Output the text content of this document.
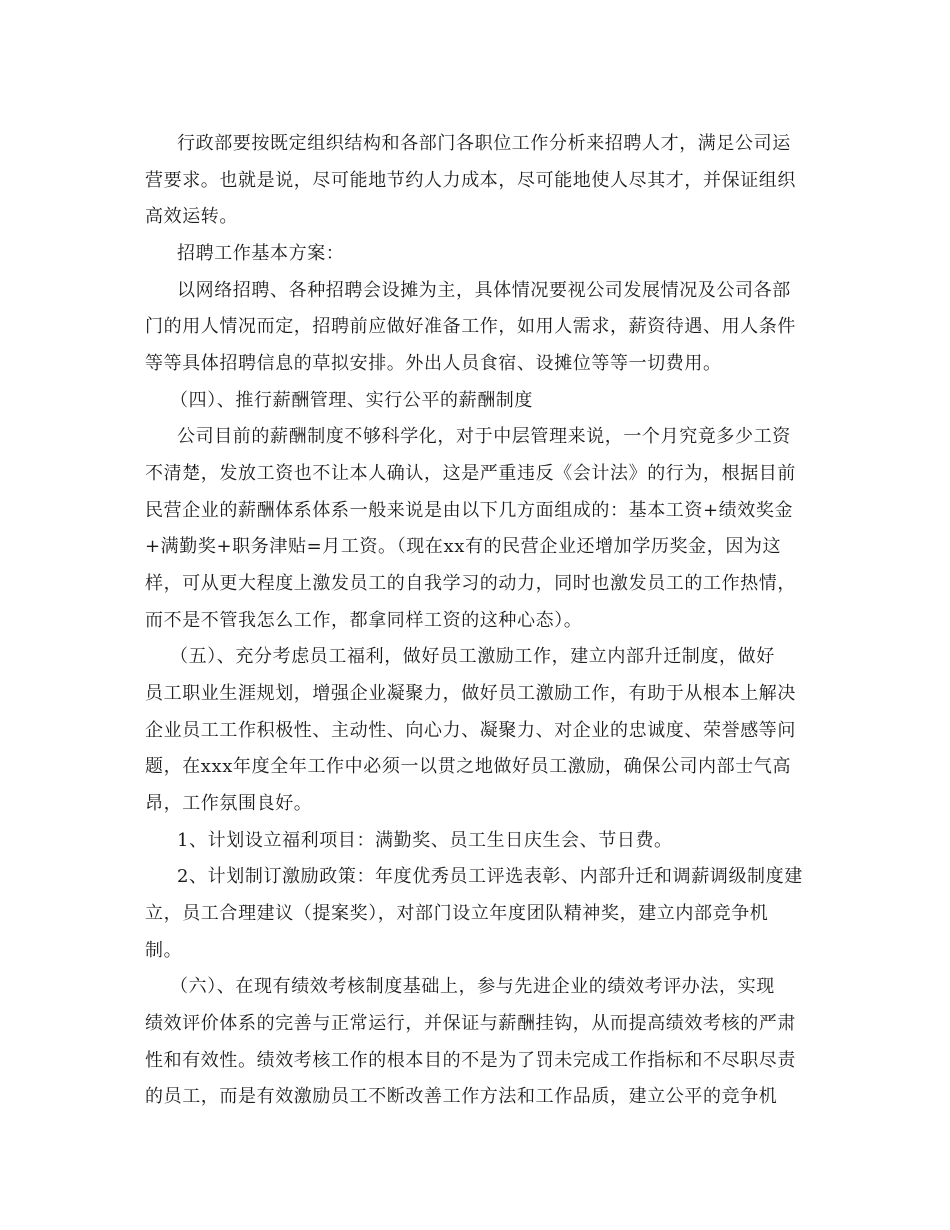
行政部要按既定组织结构和各部门各职位工作分析来招聘人才，满足公司运
营要求。也就是说，尽可能地节约人力成本，尽可能地使人尽其才，并保证组织
高效运转。
招聘工作基本方案：
以网络招聘、各种招聘会设摊为主，具体情况要视公司发展情况及公司各部
门的用人情况而定，招聘前应做好准备工作，如用人需求，薪资待遇、用人条件
等等具体招聘信息的草拟安排。外出人员食宿、设摊位等等一切费用。
（四）、推行薪酬管理、实行公平的薪酬制度
公司目前的薪酬制度不够科学化，对于中层管理来说，一个月究竟多少工资
不清楚，发放工资也不让本人确认，这是严重违反《会计法》的行为，根据目前
民营企业的薪酬体系体系一般来说是由以下几方面组成的：基本工资+绩效奖金
+满勤奖+职务津贴=月工资。（现在xx有的民营企业还增加学历奖金，因为这
样，可从更大程度上激发员工的自我学习的动力，同时也激发员工的工作热情，
而不是不管我怎么工作，都拿同样工资的这种心态）。
（五）、充分考虑员工福利，做好员工激励工作，建立内部升迁制度，做好
员工职业生涯规划，增强企业凝聚力，做好员工激励工作，有助于从根本上解决
企业员工工作积极性、主动性、向心力、凝聚力、对企业的忠诚度、荣誉感等问
题，在xxx年度全年工作中必须一以贯之地做好员工激励，确保公司内部士气高
昂，工作氛围良好。
1、计划设立福利项目：满勤奖、员工生日庆生会、节日费。
2、计划制订激励政策：年度优秀员工评选表彰、内部升迁和调薪调级制度建
立，员工合理建议（提案奖），对部门设立年度团队精神奖，建立内部竞争机
制。
（六）、在现有绩效考核制度基础上，参与先进企业的绩效考评办法，实现
绩效评价体系的完善与正常运行，并保证与薪酬挂钩，从而提高绩效考核的严肃
性和有效性。绩效考核工作的根本目的不是为了罚未完成工作指标和不尽职尽责
的员工，而是有效激励员工不断改善工作方法和工作品质，建立公平的竞争机
